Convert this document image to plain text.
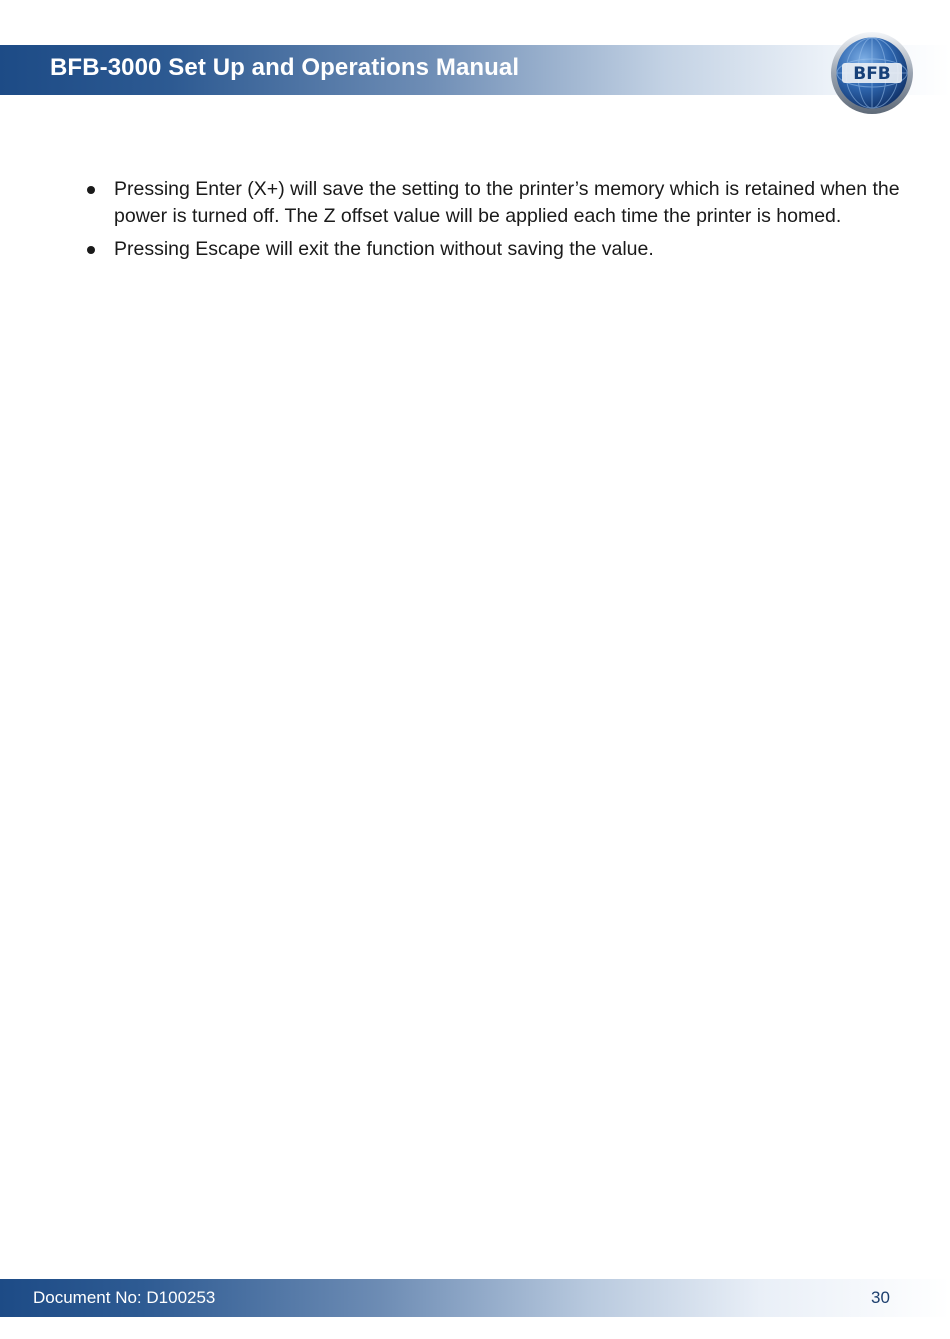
BFB-3000 Set Up and Operations Manual	BFB
Pressing Enter (X+) will save the setting to the printer’s memory which is retained when the power is turned off. The Z offset value will be applied each time the printer is homed.
Pressing Escape will exit the function without saving the value.
Document No: D100253	30
